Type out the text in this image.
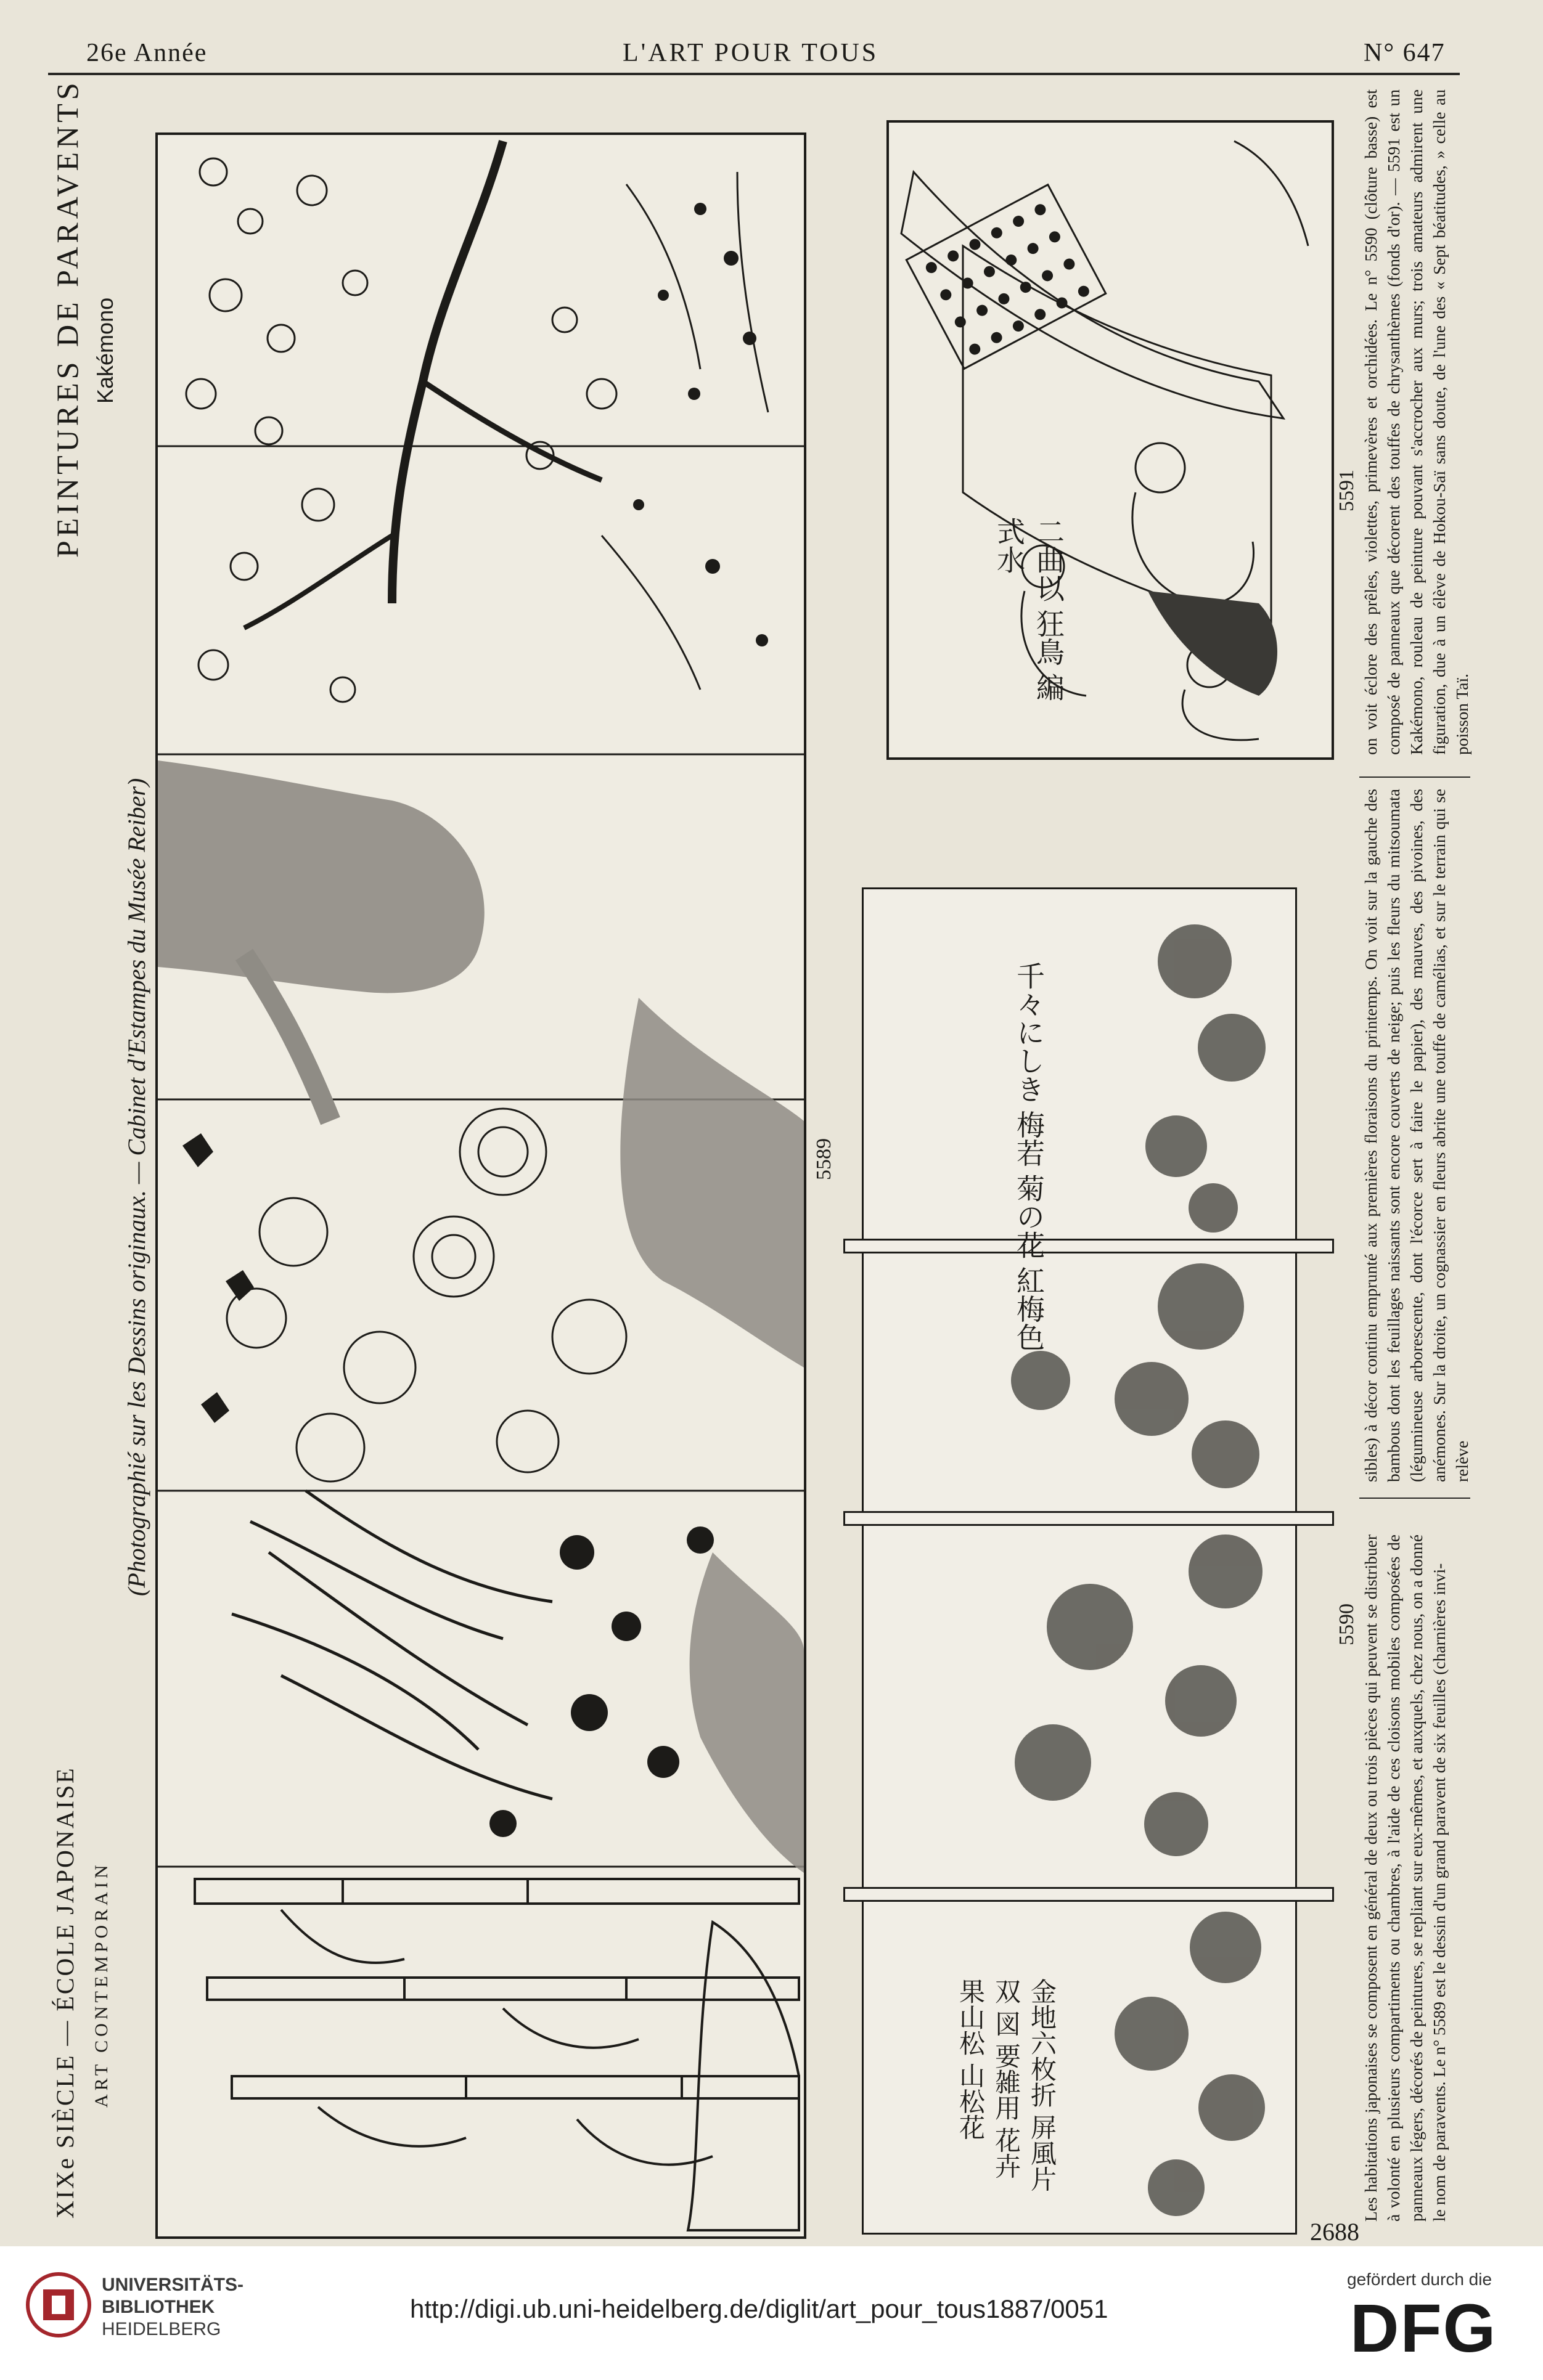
26e Année	L'ART POUR TOUS	N° 647
PEINTURES DE PARAVENTS Kakémono
XIXe SIÈCLE — ÉCOLE JAPONAISE ART CONTEMPORAIN
(Photographié sur les Dessins originaux. — Cabinet d'Estampes du Musée Reiber)	5589	千々にしき 梅若 菊の花 紅梅色
金地六枚折 屏風片双 図 要雑用 花卉 果山松 山松花
5590
二曲以 狂鳥 編式水
5591

Les habitations japonaises se composent en général de deux ou trois pièces qui peuvent se distribuer à volonté en plusieurs compartiments ou chambres, à l'aide de ces cloisons mobiles composées de panneaux légers, décorés de peintures, se repliant sur eux-mêmes, et auxquels, chez nous, on a donné le nom de paravents. Le n° 5589 est le dessin d'un grand paravent de six feuilles (charnières invi-

sibles) à décor continu emprunté aux premières floraisons du printemps. On voit sur la gauche des bambous dont les feuillages naissants sont encore couverts de neige; puis les fleurs du mitsoumata (légumineuse arborescente, dont l'écorce sert à faire le papier), des mauves, des pivoines, des anémones. Sur la droite, un cognassier en fleurs abrite une touffe de camélias, et sur le terrain qui se relève

on voit éclore des prêles, violettes, primevères et orchidées. Le n° 5590 (clôture basse) est composé de panneaux que décorent des touffes de chrysanthèmes (fonds d'or). — 5591 est un Kakémono, rouleau de peinture pouvant s'accrocher aux murs; trois amateurs admirent une figuration, due à un élève de Hokou-Saï sans doute, de l'une des « Sept béatitudes, » celle au poisson Taï.

2688
UNIVERSITÄTS-
BIBLIOTHEK
HEIDELBERG
http://digi.ub.uni-heidelberg.de/diglit/art_pour_tous1887/0051
gefördert durch die
DFG
